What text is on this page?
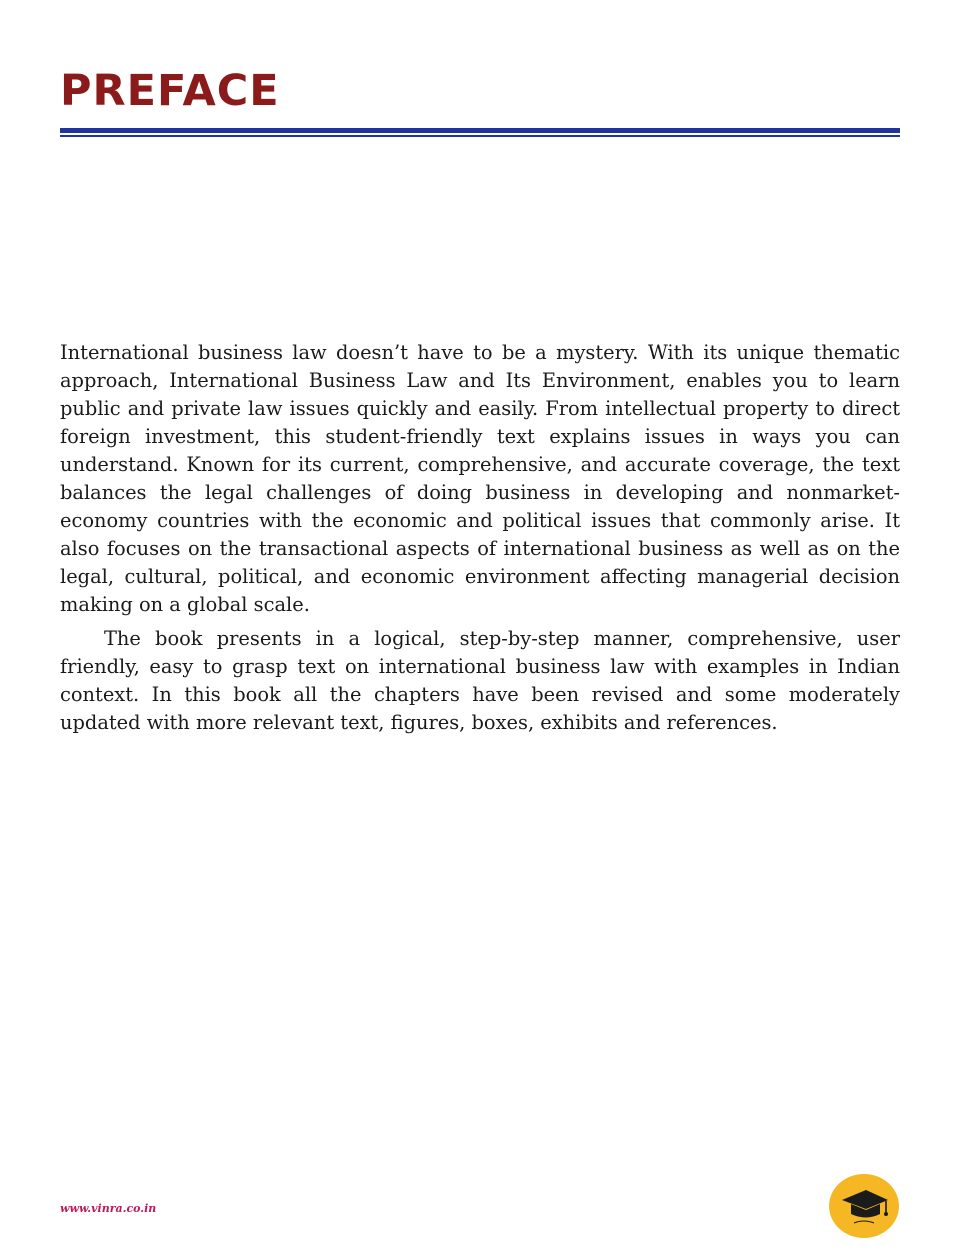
PREFACE

International business law doesn’t have to be a mystery. With its unique thematic approach, International Business Law and Its Environment, enables you to learn public and private law issues quickly and easily. From intellectual property to direct foreign investment, this student-friendly text explains issues in ways you can understand. Known for its current, comprehensive, and accurate coverage, the text balances the legal challenges of doing business in developing and nonmarket-economy countries with the economic and political issues that commonly arise. It also focuses on the transactional aspects of international business as well as on the legal, cultural, political, and economic environment affecting managerial decision making on a global scale.

The book presents in a logical, step-by-step manner, comprehensive, user friendly, easy to grasp text on international business law with examples in Indian context. In this book all the chapters have been revised and some moderately updated with more relevant text, figures, boxes, exhibits and references.

www.vinra.co.in
